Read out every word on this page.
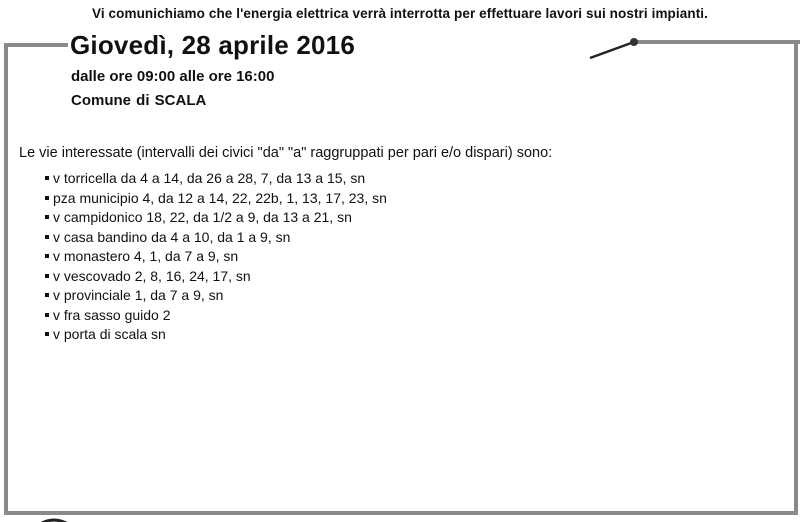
Vi comunichiamo che l'energia elettrica verrà interrotta per effettuare lavori sui nostri impianti.
Giovedì, 28 aprile 2016
dalle ore 09:00 alle ore 16:00
Comune di SCALA
Le vie interessate (intervalli dei civici "da" "a" raggruppati per pari e/o dispari) sono:
v torricella da 4 a 14, da 26 a 28, 7, da 13 a 15, sn
pza municipio 4, da 12 a 14, 22, 22b, 1, 13, 17, 23, sn
v campidonico 18, 22, da 1/2 a 9, da 13 a 21, sn
v casa bandino da 4 a 10, da 1 a 9, sn
v monastero 4, 1, da 7 a 9, sn
v vescovado 2, 8, 16, 24, 17, sn
v provinciale 1, da 7 a 9, sn
v fra sasso guido 2
v porta di scala sn
